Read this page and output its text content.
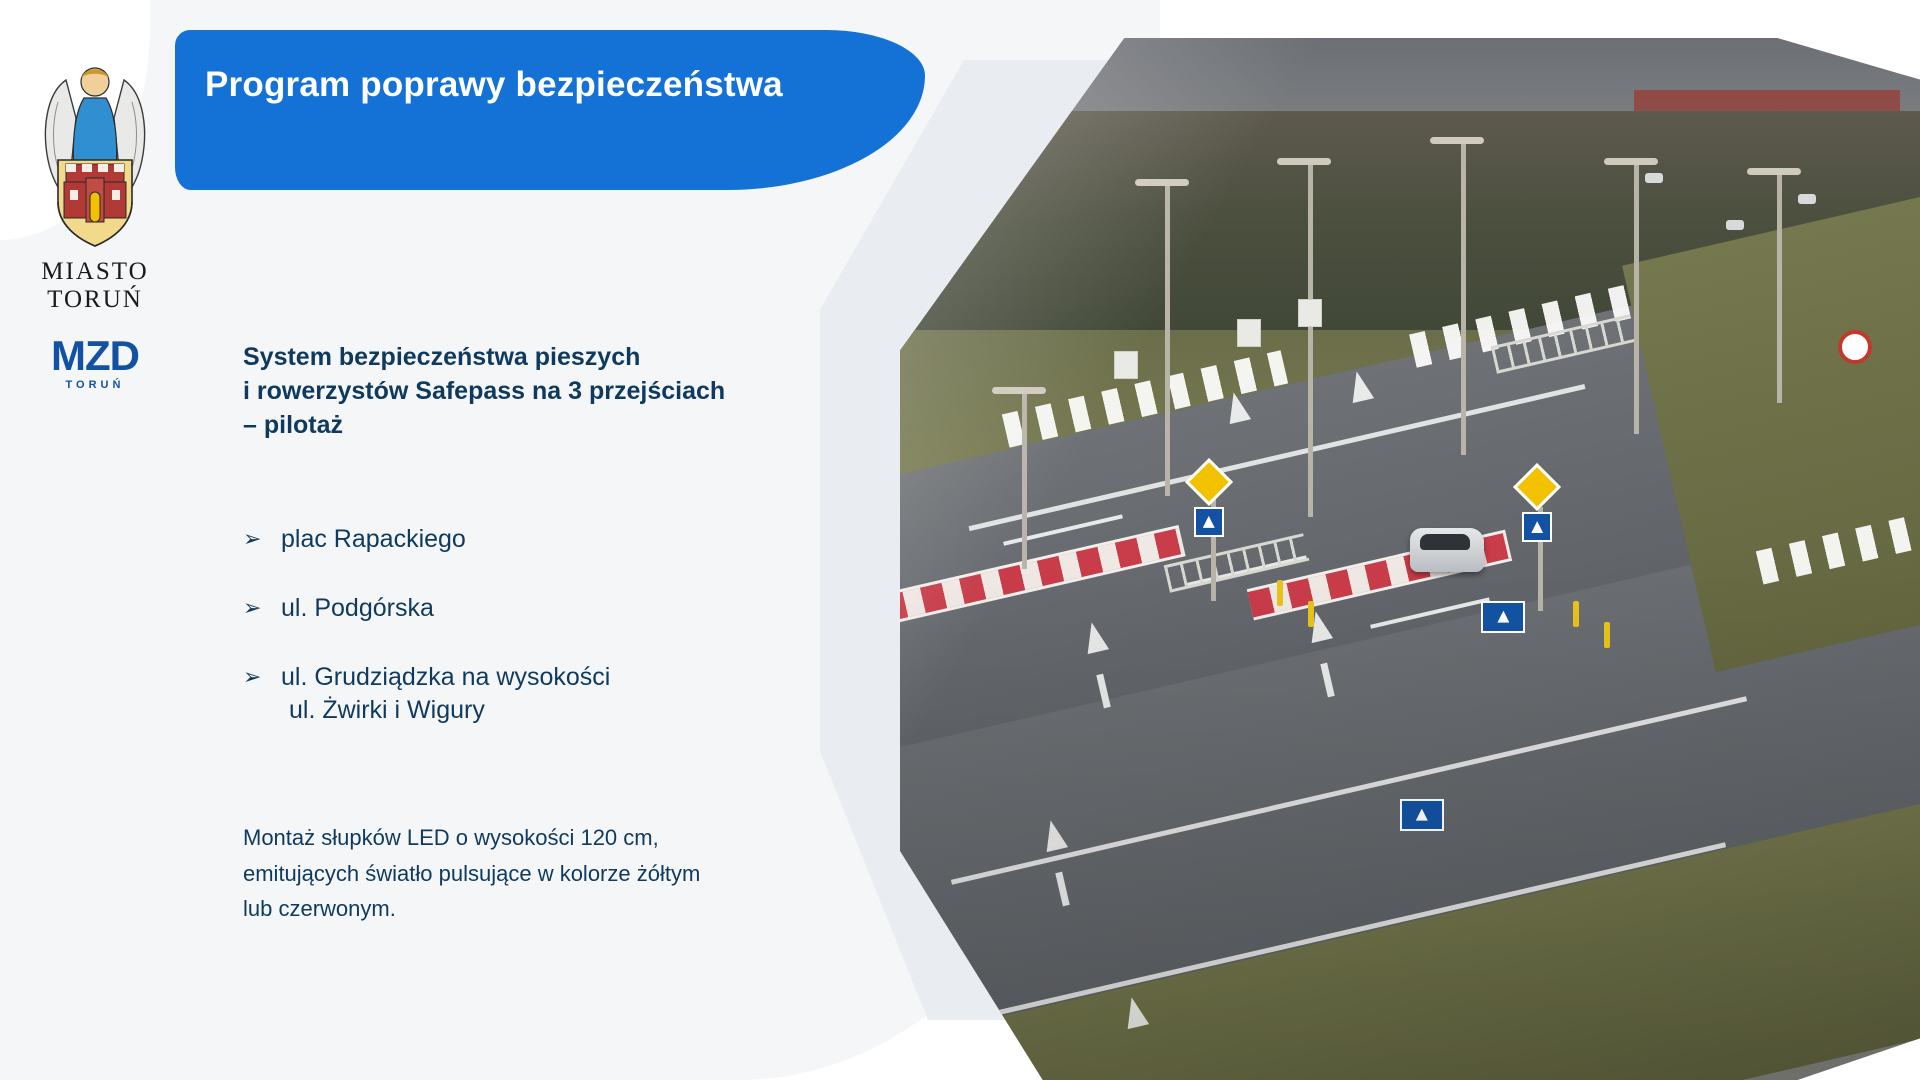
MIASTO
TORUŃ
MZD
TORUŃ
Program poprawy bezpieczeństwa
System bezpieczeństwa pieszych
i rowerzystów Safepass na 3 przejściach
– pilotaż
➢ plac Rapackiego
➢ ul. Podgórska
➢ ul. Grudziądzka na wysokości
ul. Żwirki i Wigury
Montaż słupków LED o wysokości 120 cm,
emitujących światło pulsujące w kolorze żółtym
lub czerwonym.
